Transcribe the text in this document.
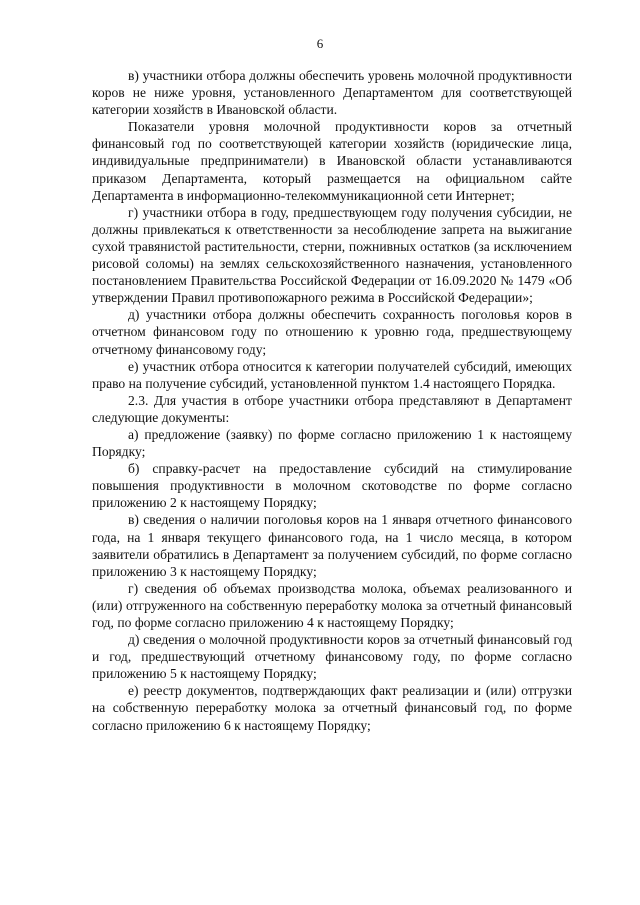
6

в) участники отбора должны обеспечить уровень молочной продуктивности коров не ниже уровня, установленного Департаментом для соответствующей категории хозяйств в Ивановской области.

Показатели уровня молочной продуктивности коров за отчетный финансовый год по соответствующей категории хозяйств (юридические лица, индивидуальные предприниматели) в Ивановской области устанавливаются приказом Департамента, который размещается на официальном сайте Департамента в информационно-телекоммуникационной сети Интернет;

г) участники отбора в году, предшествующем году получения субсидии, не должны привлекаться к ответственности за несоблюдение запрета на выжигание сухой травянистой растительности, стерни, пожнивных остатков (за исключением рисовой соломы) на землях сельскохозяйственного назначения, установленного постановлением Правительства Российской Федерации от 16.09.2020 № 1479 «Об утверждении Правил противопожарного режима в Российской Федерации»;

д) участники отбора должны обеспечить сохранность поголовья коров в отчетном финансовом году по отношению к уровню года, предшествующему отчетному финансовому году;

е) участник отбора относится к категории получателей субсидий, имеющих право на получение субсидий, установленной пунктом 1.4 настоящего Порядка.

2.3. Для участия в отборе участники отбора представляют в Департамент следующие документы:

а) предложение (заявку) по форме согласно приложению 1 к настоящему Порядку;

б) справку-расчет на предоставление субсидий на стимулирование повышения продуктивности в молочном скотоводстве по форме согласно приложению 2 к настоящему Порядку;

в) сведения о наличии поголовья коров на 1 января отчетного финансового года, на 1 января текущего финансового года, на 1 число месяца, в котором заявители обратились в Департамент за получением субсидий, по форме согласно приложению 3 к настоящему Порядку;

г) сведения об объемах производства молока, объемах реализованного и (или) отгруженного на собственную переработку молока за отчетный финансовый год, по форме согласно приложению 4 к настоящему Порядку;

д) сведения о молочной продуктивности коров за отчетный финансовый год и год, предшествующий отчетному финансовому году, по форме согласно приложению 5 к настоящему Порядку;

е) реестр документов, подтверждающих факт реализации и (или) отгрузки на собственную переработку молока за отчетный финансовый год, по форме согласно приложению 6 к настоящему Порядку;
